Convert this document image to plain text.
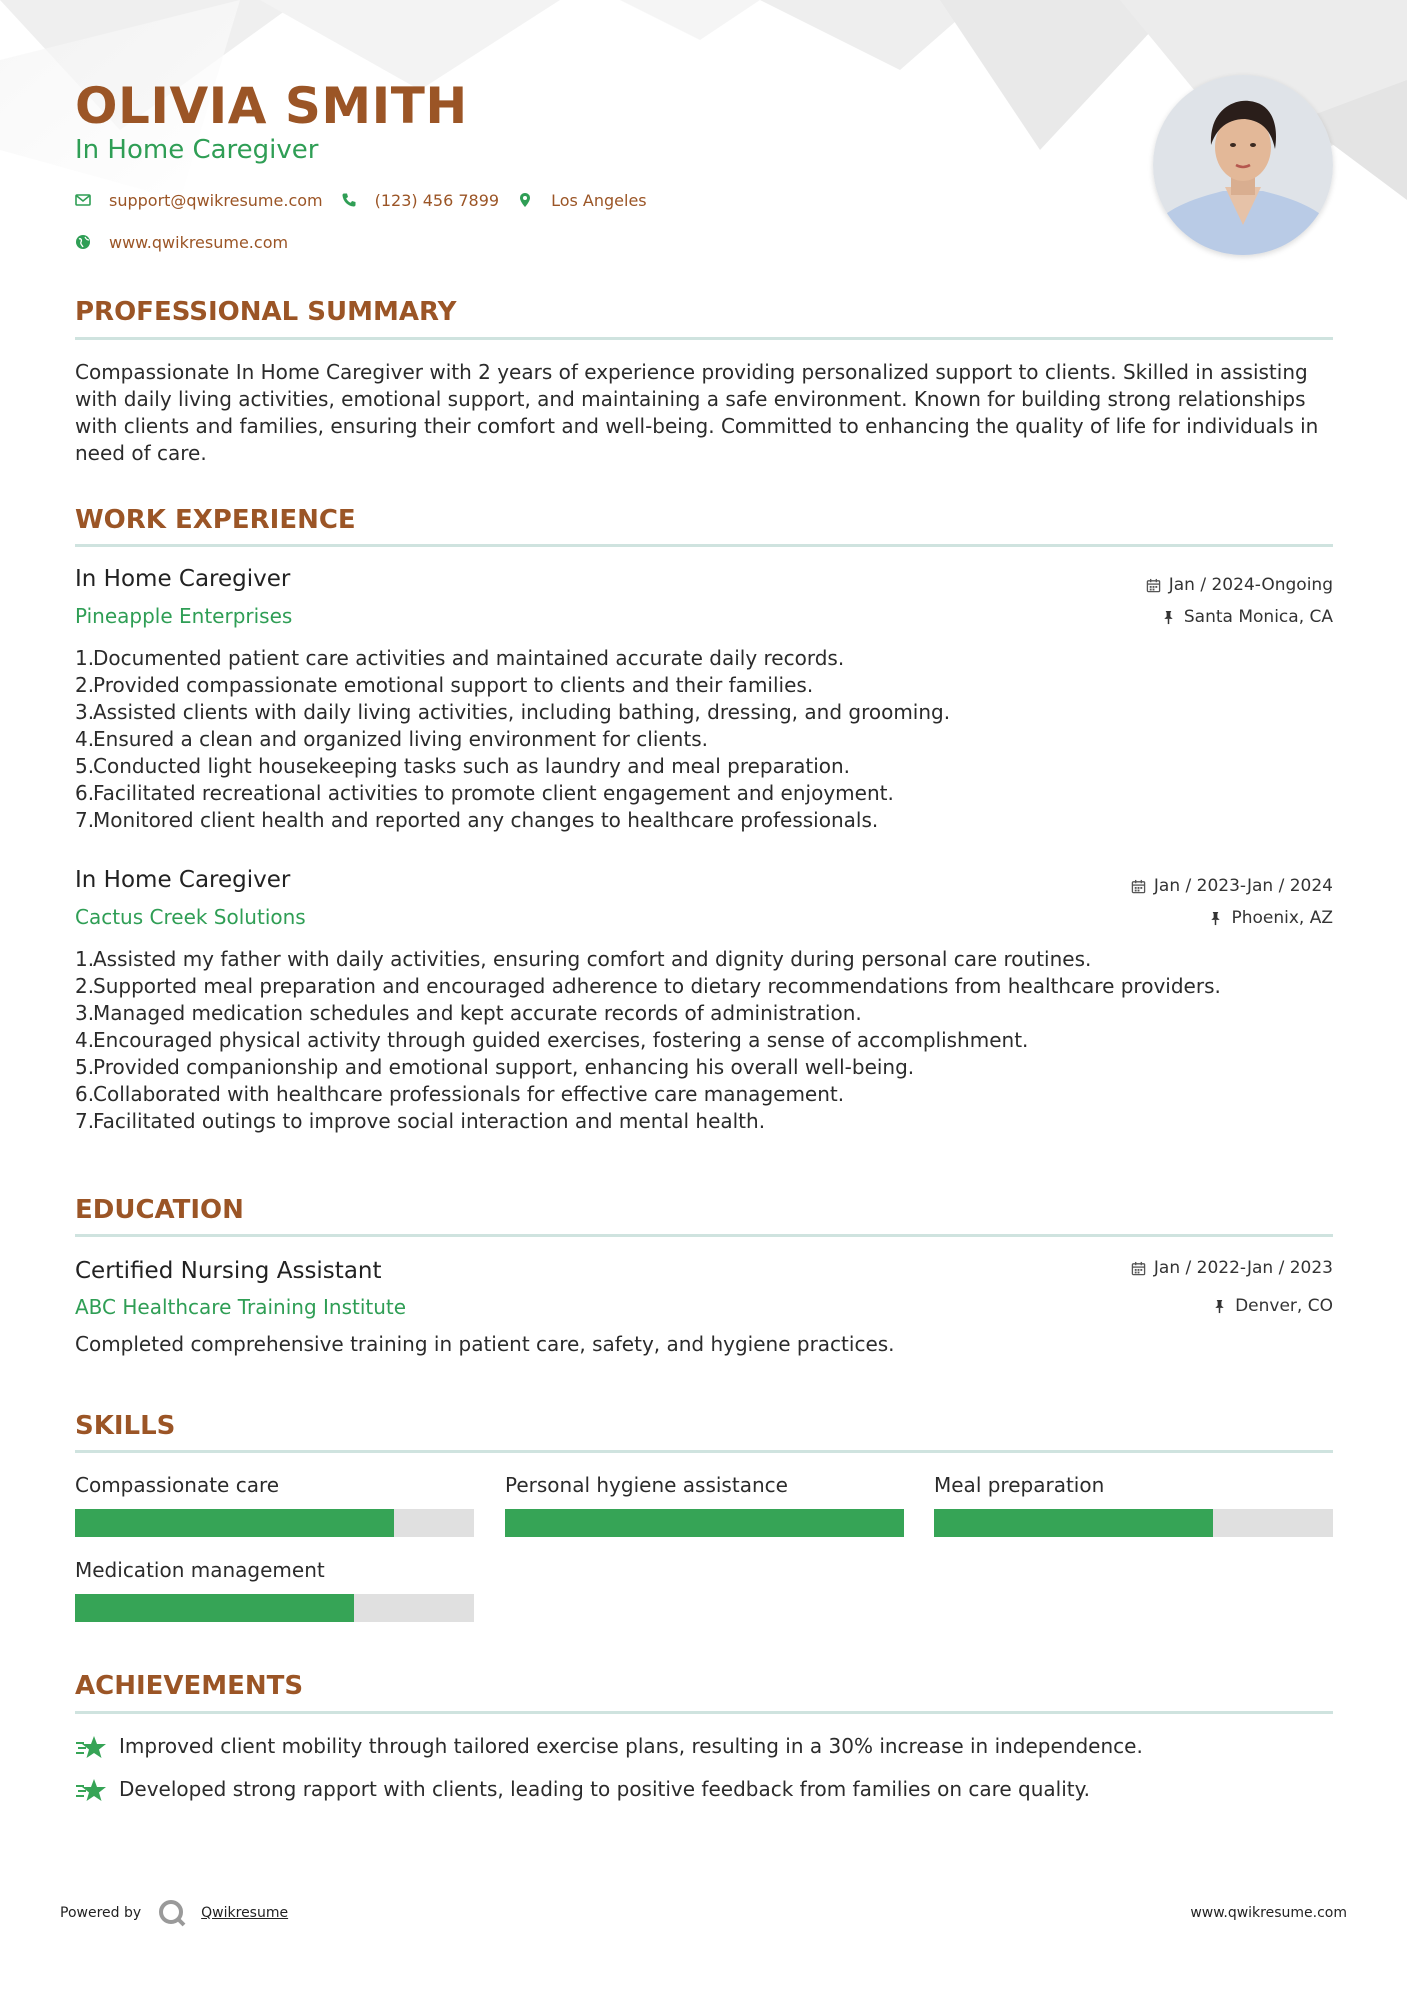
OLIVIA SMITH
In Home Caregiver
support@qwikresume.com	(123) 456 7899	Los Angeles
www.qwikresume.com
PROFESSIONAL SUMMARY
Compassionate In Home Caregiver with 2 years of experience providing personalized support to clients. Skilled in assisting with daily living activities, emotional support, and maintaining a safe environment. Known for building strong relationships with clients and families, ensuring their comfort and well-being. Committed to enhancing the quality of life for individuals in need of care.
WORK EXPERIENCE
In Home Caregiver	Jan / 2024-Ongoing
Pineapple Enterprises	Santa Monica, CA
1.Documented patient care activities and maintained accurate daily records.
2.Provided compassionate emotional support to clients and their families.
3.Assisted clients with daily living activities, including bathing, dressing, and grooming.
4.Ensured a clean and organized living environment for clients.
5.Conducted light housekeeping tasks such as laundry and meal preparation.
6.Facilitated recreational activities to promote client engagement and enjoyment.
7.Monitored client health and reported any changes to healthcare professionals.
In Home Caregiver	Jan / 2023-Jan / 2024
Cactus Creek Solutions	Phoenix, AZ
1.Assisted my father with daily activities, ensuring comfort and dignity during personal care routines.
2.Supported meal preparation and encouraged adherence to dietary recommendations from healthcare providers.
3.Managed medication schedules and kept accurate records of administration.
4.Encouraged physical activity through guided exercises, fostering a sense of accomplishment.
5.Provided companionship and emotional support, enhancing his overall well-being.
6.Collaborated with healthcare professionals for effective care management.
7.Facilitated outings to improve social interaction and mental health.
EDUCATION
Certified Nursing Assistant	Jan / 2022-Jan / 2023
ABC Healthcare Training Institute	Denver, CO
Completed comprehensive training in patient care, safety, and hygiene practices.
SKILLS
Compassionate care	Personal hygiene assistance	Meal preparation
Medication management
ACHIEVEMENTS
Improved client mobility through tailored exercise plans, resulting in a 30% increase in independence.
Developed strong rapport with clients, leading to positive feedback from families on care quality.
Powered by	Qwikresume	www.qwikresume.com
